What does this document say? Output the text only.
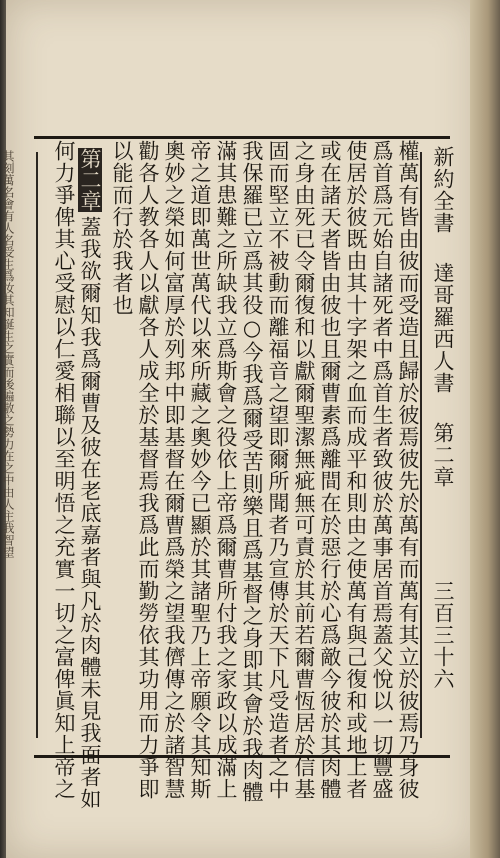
其刻萬名會有人名受生爲汝其知誕生之實而後遍敬之勢力在之中由人主我智望	新約全書
達哥羅西人書
第二章
三百三十六
權萬有皆由彼而受造且歸於彼焉彼先於萬有而萬有其立於彼焉乃身彼
爲首爲元始自諸死者中爲首生者致彼於萬事居首焉蓋父悅以一切豐盛
使居於彼既由其十字架之血而成平和則由之使萬有與己復和或地上者
或在諸天者皆由彼也且爾曹素爲離間在於惡行於心爲敵今彼於其肉體
之身由死已令爾復和以獻爾聖潔無疵無可責於其前若爾曹恆居於信基
固而堅立不被動而離福音之望即爾所聞者乃宣傳於天下凡受造者之中
我保羅已立爲其役○今我爲爾受苦則樂且爲基督之身即其會於我肉體
滿其患難之所缺我立爲斯會之役依上帝爲爾曹所付我之家政以成滿上
帝之道即萬世萬代以來所藏之奧妙今已顯於其諸聖乃上帝願令其知斯
奧妙之榮如何富厚於列邦中即基督在爾曹爲榮之望我儕傳之於諸智慧
勸各人教各人以獻各人成全於基督焉我爲此而勤勞依其功用而力爭即
以能而行於我者也
第二章
蓋我欲爾知我爲爾曹及彼在老底嘉者與凡於肉體未見我面者如
何力爭俾其心受慰以仁愛相聯以至明悟之充實一切之富俾眞知上帝之
